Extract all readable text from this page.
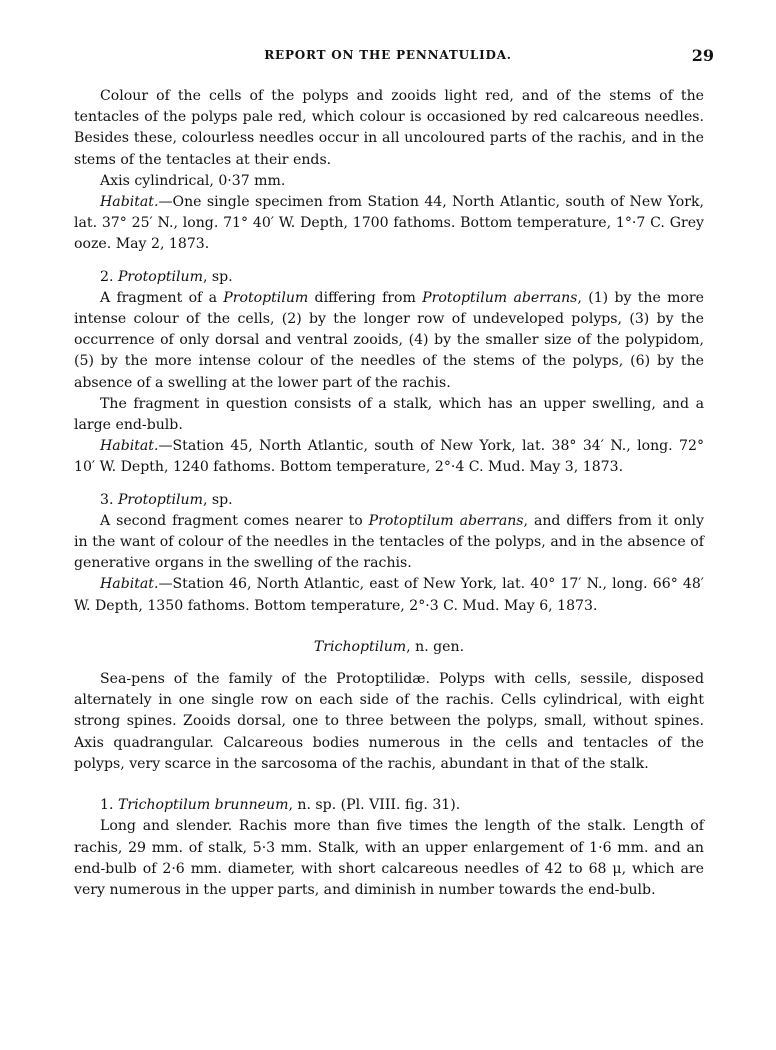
REPORT ON THE PENNATULIDA.	29

Colour of the cells of the polyps and zooids light red, and of the stems of the tentacles of the polyps pale red, which colour is occasioned by red calcareous needles. Besides these, colourless needles occur in all uncoloured parts of the rachis, and in the stems of the tentacles at their ends.

Axis cylindrical, 0·37 mm.

Habitat.—One single specimen from Station 44, North Atlantic, south of New York, lat. 37° 25′ N., long. 71° 40′ W. Depth, 1700 fathoms. Bottom temperature, 1°·7 C. Grey ooze. May 2, 1873.

2. Protoptilum, sp.

A fragment of a Protoptilum differing from Protoptilum aberrans, (1) by the more intense colour of the cells, (2) by the longer row of undeveloped polyps, (3) by the occurrence of only dorsal and ventral zooids, (4) by the smaller size of the polypidom, (5) by the more intense colour of the needles of the stems of the polyps, (6) by the absence of a swelling at the lower part of the rachis.

The fragment in question consists of a stalk, which has an upper swelling, and a large end-bulb.

Habitat.—Station 45, North Atlantic, south of New York, lat. 38° 34′ N., long. 72° 10′ W. Depth, 1240 fathoms. Bottom temperature, 2°·4 C. Mud. May 3, 1873.

3. Protoptilum, sp.

A second fragment comes nearer to Protoptilum aberrans, and differs from it only in the want of colour of the needles in the tentacles of the polyps, and in the absence of generative organs in the swelling of the rachis.

Habitat.—Station 46, North Atlantic, east of New York, lat. 40° 17′ N., long. 66° 48′ W. Depth, 1350 fathoms. Bottom temperature, 2°·3 C. Mud. May 6, 1873.

Trichoptilum, n. gen.

Sea-pens of the family of the Protoptilidæ. Polyps with cells, sessile, disposed alternately in one single row on each side of the rachis. Cells cylindrical, with eight strong spines. Zooids dorsal, one to three between the polyps, small, without spines. Axis quadrangular. Calcareous bodies numerous in the cells and tentacles of the polyps, very scarce in the sarcosoma of the rachis, abundant in that of the stalk.

1. Trichoptilum brunneum, n. sp. (Pl. VIII. fig. 31).

Long and slender. Rachis more than five times the length of the stalk. Length of rachis, 29 mm. of stalk, 5·3 mm. Stalk, with an upper enlargement of 1·6 mm. and an end-bulb of 2·6 mm. diameter, with short calcareous needles of 42 to 68 μ, which are very numerous in the upper parts, and diminish in number towards the end-bulb.
